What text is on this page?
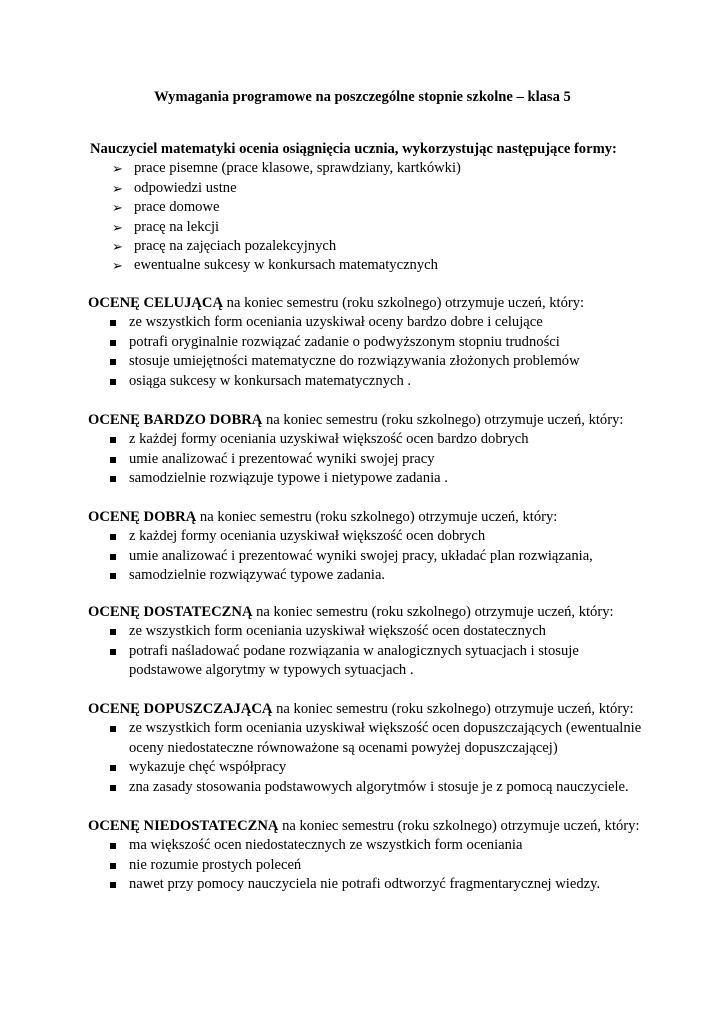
Wymagania programowe na poszczególne stopnie szkolne – klasa 5
Nauczyciel matematyki ocenia osiągnięcia ucznia, wykorzystując następujące formy:
➢ prace pisemne (prace klasowe, sprawdziany, kartkówki)
➢ odpowiedzi ustne
➢ prace domowe
➢ pracę na lekcji
➢ pracę na zajęciach pozalekcyjnych
➢ ewentualne sukcesy w konkursach matematycznych
OCENĘ CELUJĄCĄ na koniec semestru (roku szkolnego) otrzymuje uczeń, który:
ze wszystkich form oceniania uzyskiwał oceny bardzo dobre i celujące
potrafi oryginalnie rozwiązać zadanie o podwyższonym stopniu trudności
stosuje umiejętności matematyczne do rozwiązywania złożonych problemów
osiąga sukcesy w konkursach matematycznych .
OCENĘ BARDZO DOBRĄ na koniec semestru (roku szkolnego) otrzymuje uczeń, który:
z każdej formy oceniania uzyskiwał większość ocen bardzo dobrych
umie analizować i prezentować wyniki swojej pracy
samodzielnie rozwiązuje typowe i nietypowe zadania .
OCENĘ DOBRĄ na koniec semestru (roku szkolnego) otrzymuje uczeń, który:
z każdej formy oceniania uzyskiwał większość ocen dobrych
umie analizować i prezentować wyniki swojej pracy, układać plan rozwiązania,
samodzielnie rozwiązywać typowe zadania.
OCENĘ DOSTATECZNĄ na koniec semestru (roku szkolnego) otrzymuje uczeń, który:
ze wszystkich form oceniania uzyskiwał większość ocen dostatecznych
potrafi naśladować podane rozwiązania w analogicznych sytuacjach i stosuje podstawowe algorytmy w typowych sytuacjach .
OCENĘ DOPUSZCZAJĄCĄ na koniec semestru (roku szkolnego) otrzymuje uczeń, który:
ze wszystkich form oceniania uzyskiwał większość ocen dopuszczających (ewentualnie oceny niedostateczne równoważone są ocenami powyżej dopuszczającej)
wykazuje chęć współpracy
zna zasady stosowania podstawowych algorytmów i stosuje je z pomocą nauczyciele.
OCENĘ NIEDOSTATECZNĄ na koniec semestru (roku szkolnego) otrzymuje uczeń, który:
ma większość ocen niedostatecznych ze wszystkich form oceniania
nie rozumie prostych poleceń
nawet przy pomocy nauczyciela nie potrafi odtworzyć fragmentarycznej wiedzy.
